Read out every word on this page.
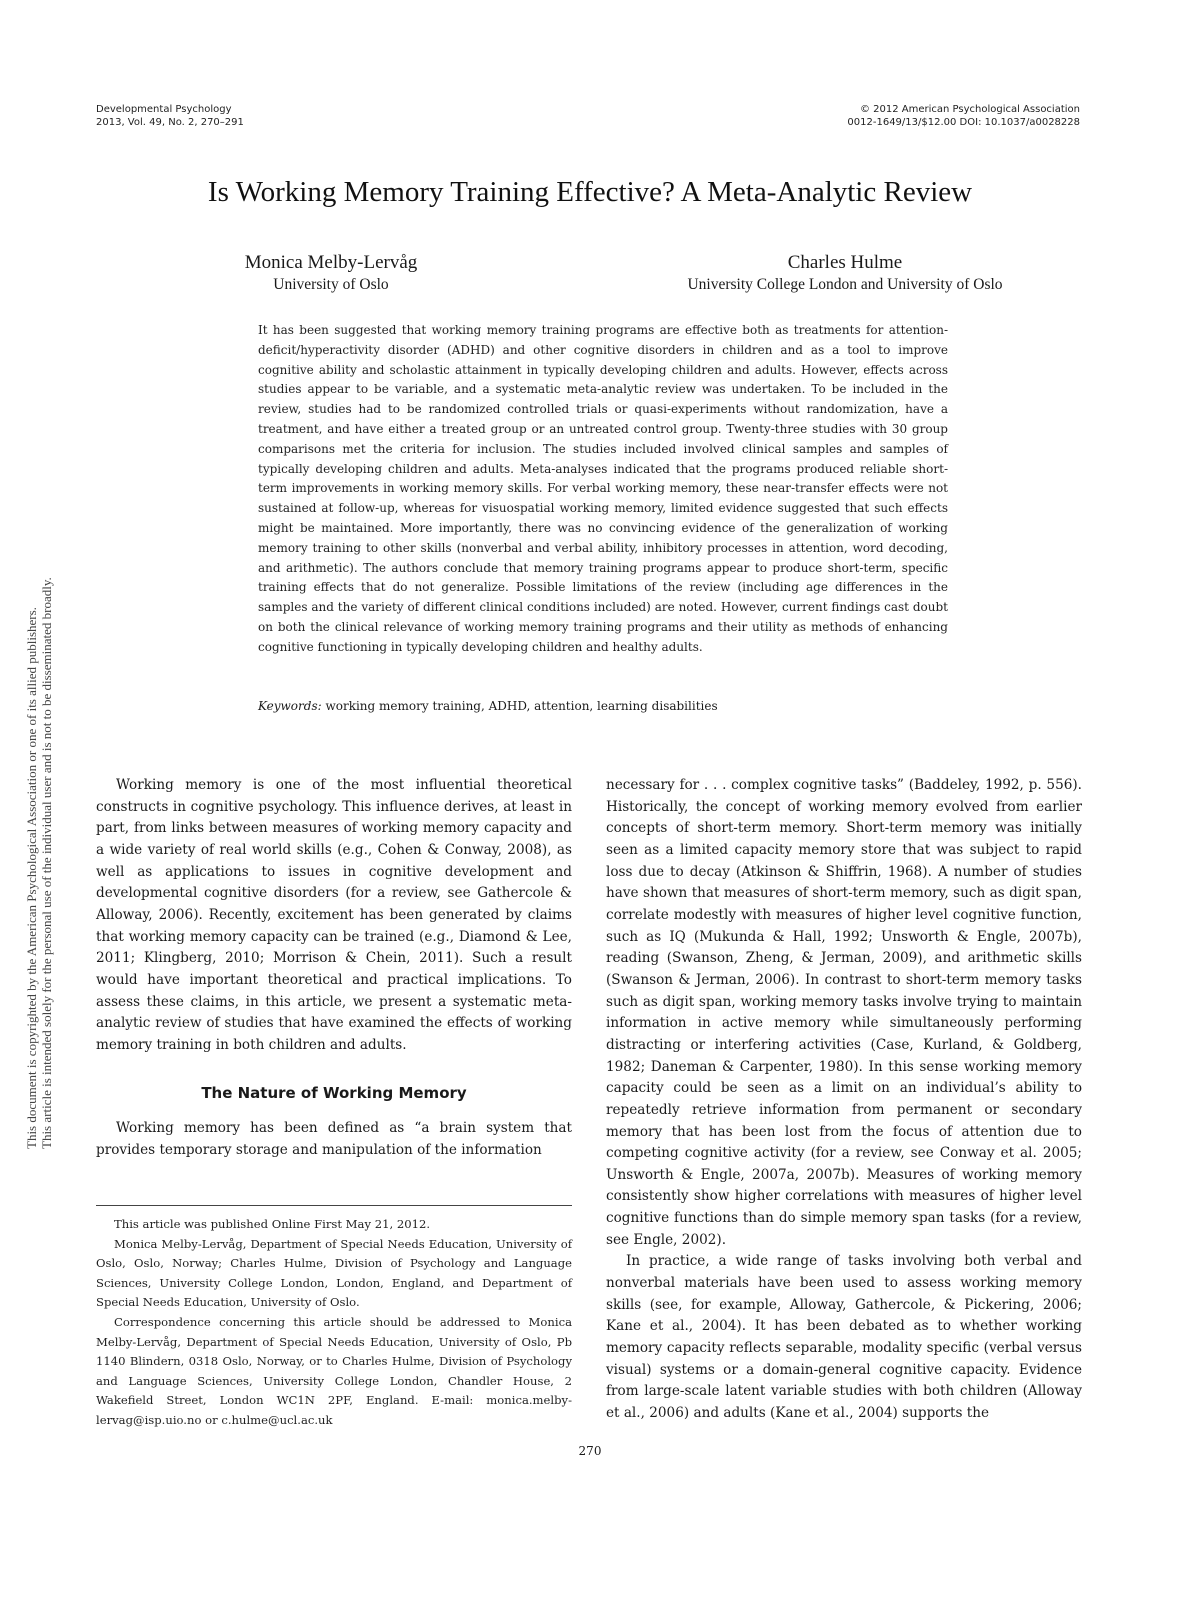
Developmental Psychology
2013, Vol. 49, No. 2, 270–291
© 2012 American Psychological Association
0012-1649/13/$12.00 DOI: 10.1037/a0028228
This document is copyrighted by the American Psychological Association or one of its allied publishers. This article is intended solely for the personal use of the individual user and is not to be disseminated broadly.
Is Working Memory Training Effective? A Meta-Analytic Review
Monica Melby-Lervåg
University of Oslo
Charles Hulme
University College London and University of Oslo
It has been suggested that working memory training programs are effective both as treatments for attention-deficit/hyperactivity disorder (ADHD) and other cognitive disorders in children and as a tool to improve cognitive ability and scholastic attainment in typically developing children and adults. However, effects across studies appear to be variable, and a systematic meta-analytic review was undertaken. To be included in the review, studies had to be randomized controlled trials or quasi-experiments without randomization, have a treatment, and have either a treated group or an untreated control group. Twenty-three studies with 30 group comparisons met the criteria for inclusion. The studies included involved clinical samples and samples of typically developing children and adults. Meta-analyses indicated that the programs produced reliable short-term improvements in working memory skills. For verbal working memory, these near-transfer effects were not sustained at follow-up, whereas for visuospatial working memory, limited evidence suggested that such effects might be maintained. More importantly, there was no convincing evidence of the generalization of working memory training to other skills (nonverbal and verbal ability, inhibitory processes in attention, word decoding, and arithmetic). The authors conclude that memory training programs appear to produce short-term, specific training effects that do not generalize. Possible limitations of the review (including age differences in the samples and the variety of different clinical conditions included) are noted. However, current findings cast doubt on both the clinical relevance of working memory training programs and their utility as methods of enhancing cognitive functioning in typically developing children and healthy adults.
Keywords: working memory training, ADHD, attention, learning disabilities

Working memory is one of the most influential theoretical constructs in cognitive psychology. This influence derives, at least in part, from links between measures of working memory capacity and a wide variety of real world skills (e.g., Cohen & Conway, 2008), as well as applications to issues in cognitive development and developmental cognitive disorders (for a review, see Gathercole & Alloway, 2006). Recently, excitement has been generated by claims that working memory capacity can be trained (e.g., Diamond & Lee, 2011; Klingberg, 2010; Morrison & Chein, 2011). Such a result would have important theoretical and practical implications. To assess these claims, in this article, we present a systematic meta-analytic review of studies that have examined the effects of working memory training in both children and adults.

The Nature of Working Memory

Working memory has been defined as “a brain system that provides temporary storage and manipulation of the information

necessary for . . . complex cognitive tasks” (Baddeley, 1992, p. 556). Historically, the concept of working memory evolved from earlier concepts of short-term memory. Short-term memory was initially seen as a limited capacity memory store that was subject to rapid loss due to decay (Atkinson & Shiffrin, 1968). A number of studies have shown that measures of short-term memory, such as digit span, correlate modestly with measures of higher level cognitive function, such as IQ (Mukunda & Hall, 1992; Unsworth & Engle, 2007b), reading (Swanson, Zheng, & Jerman, 2009), and arithmetic skills (Swanson & Jerman, 2006). In contrast to short-term memory tasks such as digit span, working memory tasks involve trying to maintain information in active memory while simultaneously performing distracting or interfering activities (Case, Kurland, & Goldberg, 1982; Daneman & Carpenter, 1980). In this sense working memory capacity could be seen as a limit on an individual’s ability to repeatedly retrieve information from permanent or secondary memory that has been lost from the focus of attention due to competing cognitive activity (for a review, see Conway et al. 2005; Unsworth & Engle, 2007a, 2007b). Measures of working memory consistently show higher correlations with measures of higher level cognitive functions than do simple memory span tasks (for a review, see Engle, 2002).

In practice, a wide range of tasks involving both verbal and nonverbal materials have been used to assess working memory skills (see, for example, Alloway, Gathercole, & Pickering, 2006; Kane et al., 2004). It has been debated as to whether working memory capacity reflects separable, modality specific (verbal versus visual) systems or a domain-general cognitive capacity. Evidence from large-scale latent variable studies with both children (Alloway et al., 2006) and adults (Kane et al., 2004) supports the

This article was published Online First May 21, 2012.

Monica Melby-Lervåg, Department of Special Needs Education, University of Oslo, Oslo, Norway; Charles Hulme, Division of Psychology and Language Sciences, University College London, London, England, and Department of Special Needs Education, University of Oslo.

Correspondence concerning this article should be addressed to Monica Melby-Lervåg, Department of Special Needs Education, University of Oslo, Pb 1140 Blindern, 0318 Oslo, Norway, or to Charles Hulme, Division of Psychology and Language Sciences, University College London, Chandler House, 2 Wakefield Street, London WC1N 2PF, England. E-mail: monica.melby-lervag@isp.uio.no or c.hulme@ucl.ac.uk

270
